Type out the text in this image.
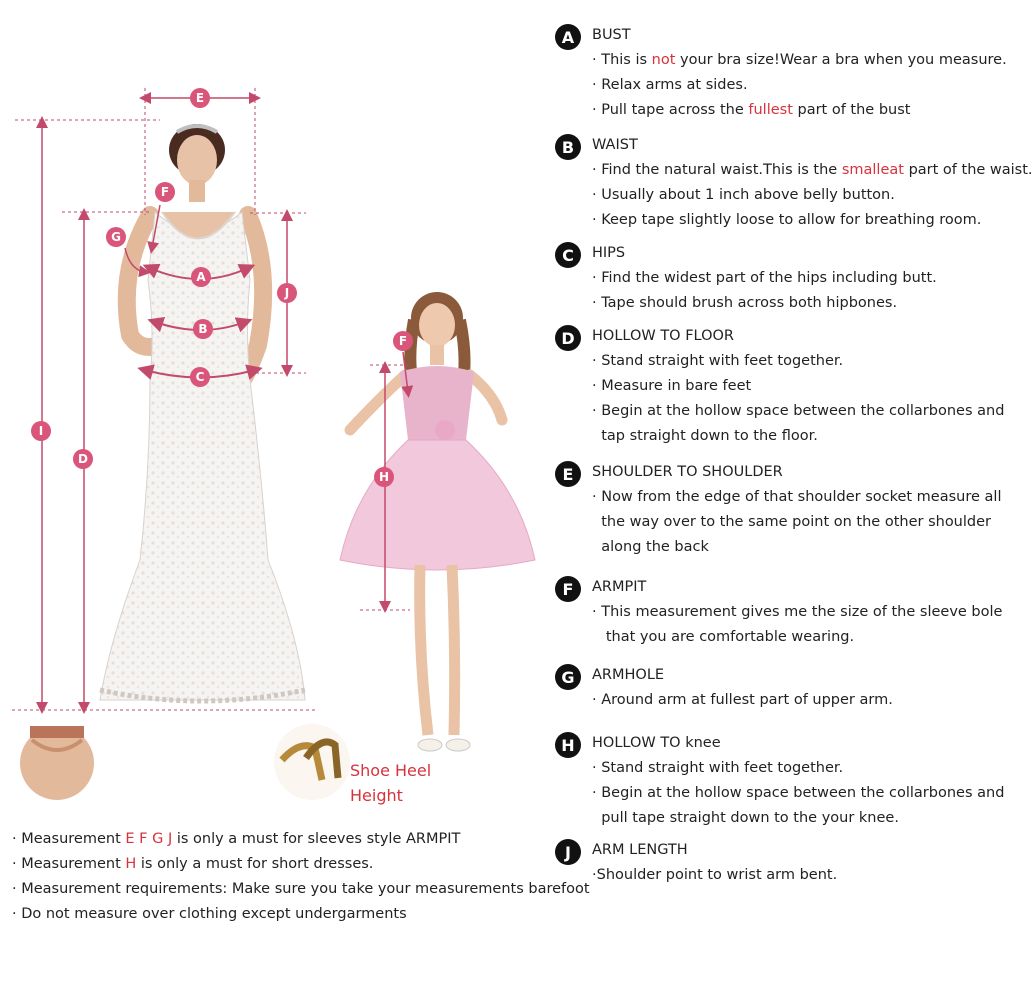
E
F
G
A
J
B
C
I
D
F
H
Shoe Heel
Height
A	BUST
· This is not your bra size!Wear a bra when you measure.
· Relax arms at sides.
· Pull tape across the fullest part of the bust
B	WAIST
· Find the natural waist.This is the smalleat part of the waist.
· Usually about 1 inch above belly button.
· Keep tape slightly loose to allow for breathing room.
C	HIPS
· Find the widest part of the hips including butt.
· Tape should brush across both hipbones.
D	HOLLOW TO FLOOR
· Stand straight with feet together.
· Measure in bare feet
· Begin at the hollow space between the collarbones and
tap straight down to the floor.
E	SHOULDER TO SHOULDER
· Now from the edge of that shoulder socket measure all
the way over to the same point on the other shoulder
along the back
F	ARMPIT
· This measurement gives me the size of the sleeve bole
that you are comfortable wearing.
G	ARMHOLE
· Around arm at fullest part of upper arm.
H	HOLLOW TO knee
· Stand straight with feet together.
· Begin at the hollow space between the collarbones and
pull tape straight down to the your knee.
J	ARM LENGTH
·Shoulder point to wrist arm bent.
· Measurement E F G J is only a must for sleeves style ARMPIT
· Measurement H is only a must for short dresses.
· Measurement requirements: Make sure you take your measurements barefoot
· Do not measure over clothing except undergarments
